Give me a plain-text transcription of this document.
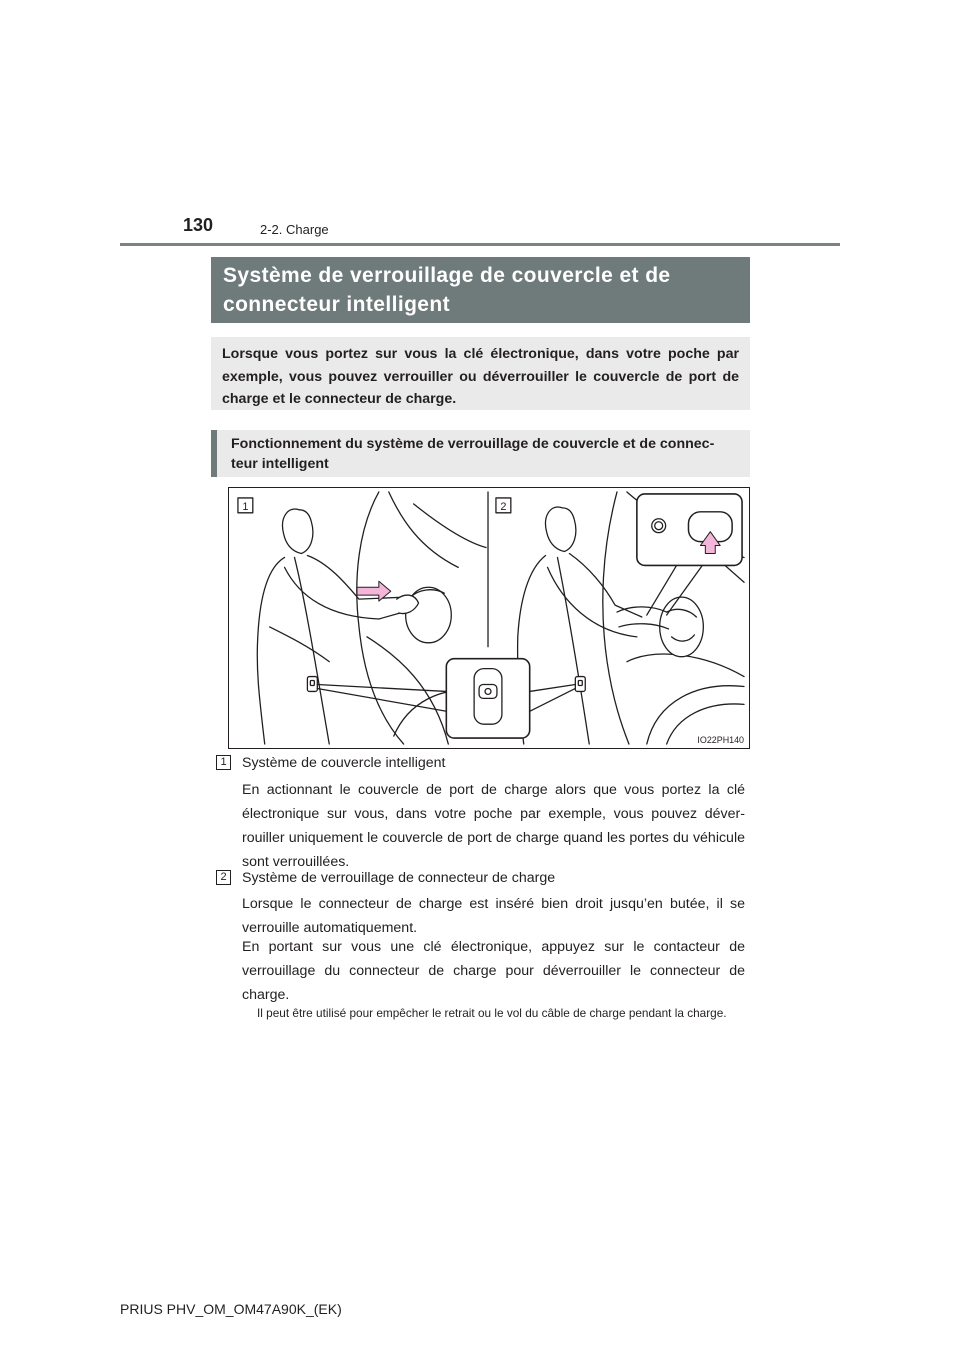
130	2-2. Charge
Système de verrouillage de couvercle et de connecteur intelligent
Lorsque vous portez sur vous la clé électronique, dans votre poche par exemple, vous pouvez verrouiller ou déverrouiller le couvercle de port de charge et le connecteur de charge.
Fonctionnement du système de verrouillage de couvercle et de connec- teur intelligent
1	2
IO22PH140
1	Système de couvercle intelligent
En actionnant le couvercle de port de charge alors que vous portez la clé électronique sur vous, dans votre poche par exemple, vous pouvez déver- rouiller uniquement le couvercle de port de charge quand les portes du véhicule sont verrouillées.
2	Système de verrouillage de connecteur de charge
Lorsque le connecteur de charge est inséré bien droit jusqu’en butée, il se verrouille automatiquement.
En portant sur vous une clé électronique, appuyez sur le contacteur de verrouillage du connecteur de charge pour déverrouiller le connecteur de charge.
Il peut être utilisé pour empêcher le retrait ou le vol du câble de charge pendant la charge.
PRIUS PHV_OM_OM47A90K_(EK)
